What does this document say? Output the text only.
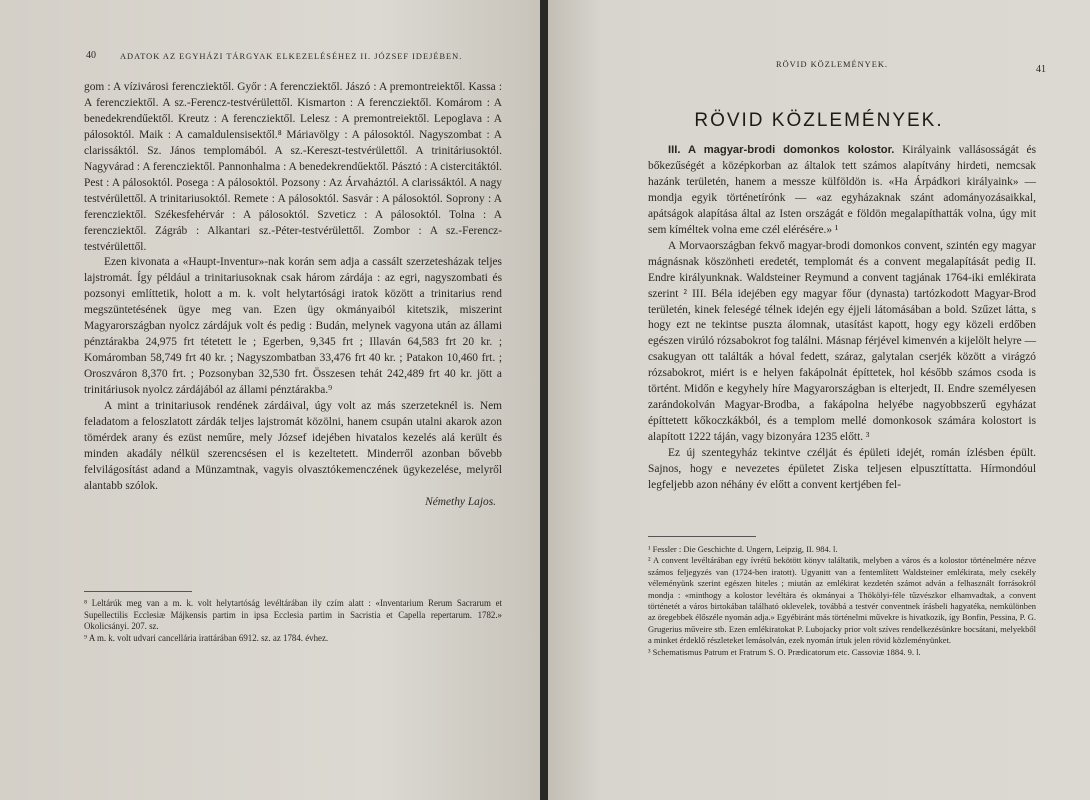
40	ADATOK AZ EGYHÁZI TÁRGYAK ELKEZELÉSÉHEZ II. JÓZSEF IDEJÉBEN.

gom : A vízivárosi ferencziektől. Győr : A ferencziektől. Jászó : A premontreiektől. Kassa : A ferencziektől. A sz.-Ferencz-testvérülettől. Kismarton : A ferencziektől. Komárom : A benedekrendűektől. Kreutz : A ferencziektől. Lelesz : A premontreiektől. Lepoglava : A pálosoktól. Maik : A camaldulensisektől.⁸ Máriavölgy : A pálosoktól. Nagyszombat : A clarissáktól. Sz. János templomából. A sz.-Kereszt-testvérülettől. A trinitáriusoktól. Nagyvárad : A ferencziektől. Pannonhalma : A benedekrendűektől. Pásztó : A cistercitáktól. Pest : A pálosoktól. Posega : A pálosoktól. Pozsony : Az Árvaháztól. A clarissáktól. A nagy testvérülettől. A trinitariusoktól. Remete : A pálosoktól. Sasvár : A pálosoktól. Soprony : A ferencziektől. Székesfehérvár : A pálosoktól. Szveticz : A pálosoktól. Tolna : A ferencziektől. Zágráb : Alkantari sz.-Péter-testvérülettől. Zombor : A sz.-Ferencz-testvérülettől.

Ezen kivonata a «Haupt-Inventur»-nak korán sem adja a cassált szerzetesházak teljes lajstromát. Így például a trinitariusoknak csak három zárdája : az egri, nagyszombati és pozsonyi említtetik, holott a m. k. volt helytartósági iratok között a trinitarius rend megszüntetésének ügye meg van. Ezen ügy okmányaiból kitetszik, miszerint Magyarországban nyolcz zárdájuk volt és pedig : Budán, melynek vagyona után az állami pénztárakba 24,975 frt tétetett le ; Egerben, 9,345 frt ; Illaván 64,583 frt 20 kr. ; Komáromban 58,749 frt 40 kr. ; Nagyszombatban 33,476 frt 40 kr. ; Patakon 10,460 frt. ; Oroszváron 8,370 frt. ; Pozsonyban 32,530 frt. Összesen tehát 242,489 frt 40 kr. jött a trinitáriusok nyolcz zárdájából az állami pénztárakba.⁹

A mint a trinitariusok rendének zárdáival, úgy volt az más szerzeteknél is. Nem feladatom a feloszlatott zárdák teljes lajstromát közölni, hanem csupán utalni akarok azon tömérdek arany és ezüst neműre, mely József idejében hivatalos kezelés alá került és minden akadály nélkül szerencsésen el is kezeltetett. Minderről azonban bővebb felvilágosítást adand a Münzamtnak, vagyis olvasztókemenczének ügykezelése, melyről alantabb szólok.

Némethy Lajos.

⁸ Leltárúk meg van a m. k. volt helytartóság levéltárában ily czím alatt : «Inventarium Rerum Sacrarum et Supellectilis Ecclesiæ Májkensis partim in ipsa Ecclesia partim in Sacristia et Capella repertarum. 1782.» Okolicsányi. 207. sz.

⁹ A m. k. volt udvari cancellária irattárában 6912. sz. az 1784. évhez.

RÖVID KÖZLEMÉNYEK.	41
RÖVID KÖZLEMÉNYEK.

III. A magyar-brodi domonkos kolostor. Királyaink vallásosságát és bőkezűségét a középkorban az általok tett számos alapítvány hirdeti, nemcsak hazánk területén, hanem a messze külföldön is. «Ha Árpádkori királyaink» — mondja egyik történetírónk — «az egyházaknak szánt adományozásaikkal, apátságok alapítása által az Isten országát e földön megalapíthatták volna, úgy mit sem kíméltek volna eme czél elérésére.» ¹

A Morvaországban fekvő magyar-brodi domonkos convent, szintén egy magyar mágnásnak köszönheti eredetét, templomát és a convent megalapítását pedig II. Endre királyunknak. Waldsteiner Reymund a convent tagjának 1764-iki emlékirata szerint ² III. Béla idejében egy magyar főur (dynasta) tartózkodott Magyar-Brod területén, kinek feleségé télnek idején egy éjjeli látomásában a bold. Szűzet látta, s hogy ezt ne tekintse puszta álomnak, utasítást kapott, hogy egy közeli erdőben egészen virúló rózsabokrot fog találni. Másnap férjével kimenvén a kijelölt helyre — csakugyan ott találták a hóval fedett, száraz, galytalan cserjék között a virágzó rózsabokrot, miért is e helyen fakápolnát építtetek, hol később számos csoda is történt. Midőn e kegyhely híre Magyarországban is elterjedt, II. Endre személyesen zarándokolván Magyar-Brodba, a fakápolna helyébe nagyobbszerű egyházat építtetett kőkoczkákból, és a templom mellé domonkosok számára kolostort is alapított 1222 táján, vagy bizonyára 1235 előtt. ³

Ez új szentegyház tekintve czélját és épületi idejét, román ízlésben épült. Sajnos, hogy e nevezetes épületet Ziska teljesen elpusztíttatta. Hírmondóul legfeljebb azon néhány év előtt a convent kertjében fel-

¹ Fessler : Die Geschichte d. Ungern, Leipzig, II. 984. l.

² A convent levéltárában egy ívrétű bekötött könyv találtatik, melyben a város és a kolostor történelmére nézve számos feljegyzés van (1724-ben iratott). Ugyanitt van a fentemlített Waldsteiner emlékirata, mely csekély véleményünk szerint egészen hiteles ; miután az emlékirat kezdetén számot adván a felhasznált forrásokról mondja : «minthogy a kolostor levéltára és okmányai a Thökölyi-féle tűzvészkor elhamvadtak, a convent történetét a város birtokában található oklevelek, továbbá a testvér conventnek írásbeli hagyatéka, nemkülönben az öregebbek élőszéle nyomán adja.» Egyébiránt más történelmi művekre is hivatkozik, így Bonfin, Pessina, P. G. Grugerius műveire stb. Ezen emlékiratokat P. Lubojacky prior volt szíves rendelkezésünkre bocsátani, melyekből a minket érdeklő részleteket lemásolván, ezek nyomán írtuk jelen rövid közleményünket.

³ Schematismus Patrum et Fratrum S. O. Prædicatorum etc. Cassoviæ 1884. 9. l.
